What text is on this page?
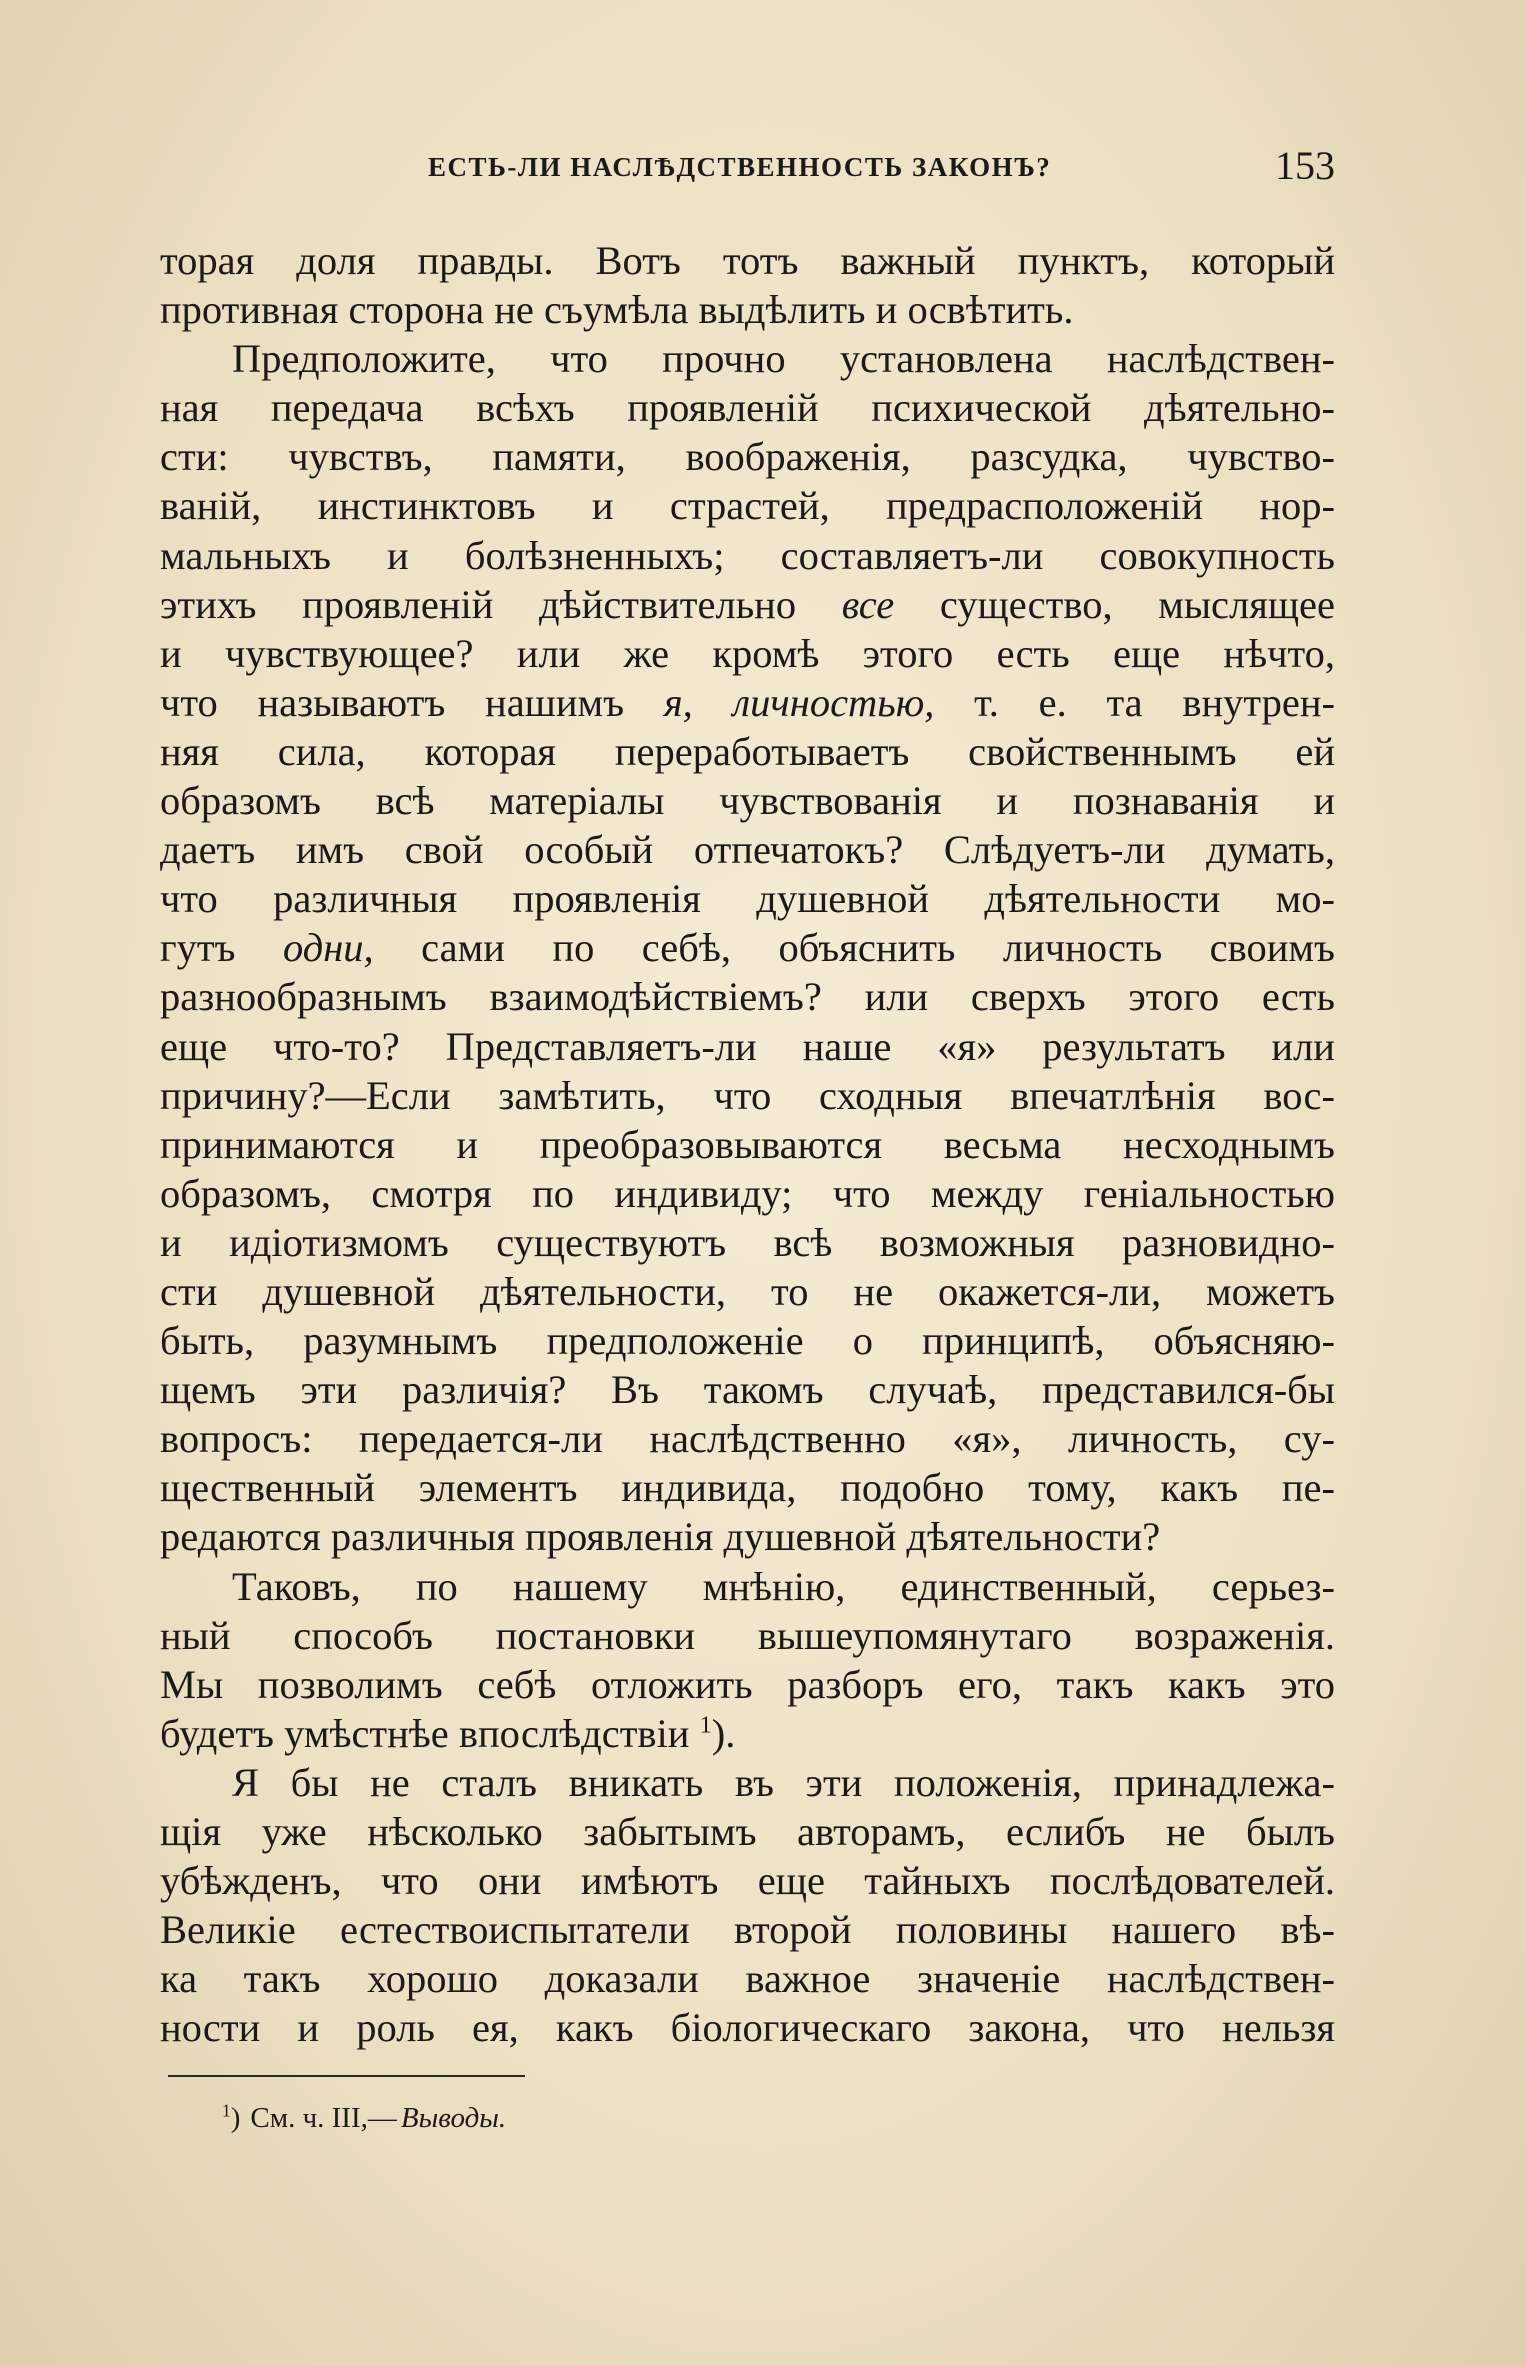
ЕСТЬ-ЛИ НАСЛѢДСТВЕННОСТЬ ЗАКОНЪ?	153
торая доля правды. Вотъ тотъ важный пунктъ, который
противная сторона не съумѣла выдѣлить и освѣтить.
Предположите, что прочно установлена наслѣдствен-
ная передача всѣхъ проявленій психической дѣятельно-
сти: чувствъ, памяти, воображенія, разсудка, чувство-
ваній, инстинктовъ и страстей, предрасположеній нор-
мальныхъ и болѣзненныхъ; составляетъ-ли совокупность
этихъ проявленій дѣйствительно все существо, мыслящее
и чувствующее? или же кромѣ этого есть еще нѣчто,
что называютъ нашимъ я, личностью, т. е. та внутрен-
няя сила, которая переработываетъ свойственнымъ ей
образомъ всѣ матеріалы чувствованія и познаванія и
даетъ имъ свой особый отпечатокъ? Слѣдуетъ-ли думать,
что различныя проявленія душевной дѣятельности мо-
гутъ одни, сами по себѣ, объяснить личность своимъ
разнообразнымъ взаимодѣйствіемъ? или сверхъ этого есть
еще что-то? Представляетъ-ли наше «я» результатъ или
причину?—Если замѣтить, что сходныя впечатлѣнія вос-
принимаются и преобразовываются весьма несходнымъ
образомъ, смотря по индивиду; что между геніальностью
и идіотизмомъ существуютъ всѣ возможныя разновидно-
сти душевной дѣятельности, то не окажется-ли, можетъ
быть, разумнымъ предположеніе о принципѣ, объясняю-
щемъ эти различія? Въ такомъ случаѣ, представился-бы
вопросъ: передается-ли наслѣдственно «я», личность, су-
щественный элементъ индивида, подобно тому, какъ пе-
редаются различныя проявленія душевной дѣятельности?
Таковъ, по нашему мнѣнію, единственный, серьез-
ный способъ постановки вышеупомянутаго возраженія.
Мы позволимъ себѣ отложить разборъ его, такъ какъ это
будетъ умѣстнѣе впослѣдствіи $^1$).
Я бы не сталъ вникать въ эти положенія, принадлежа-
щія уже нѣсколько забытымъ авторамъ, еслибъ не былъ
убѣжденъ, что они имѣютъ еще тайныхъ послѣдователей.
Великіе естествоиспытатели второй половины нашего вѣ-
ка такъ хорошо доказали важное значеніе наслѣдствен-
ности и роль ея, какъ біологическаго закона, что нельзя
$^1$) См. ч. III,— Выводы.
